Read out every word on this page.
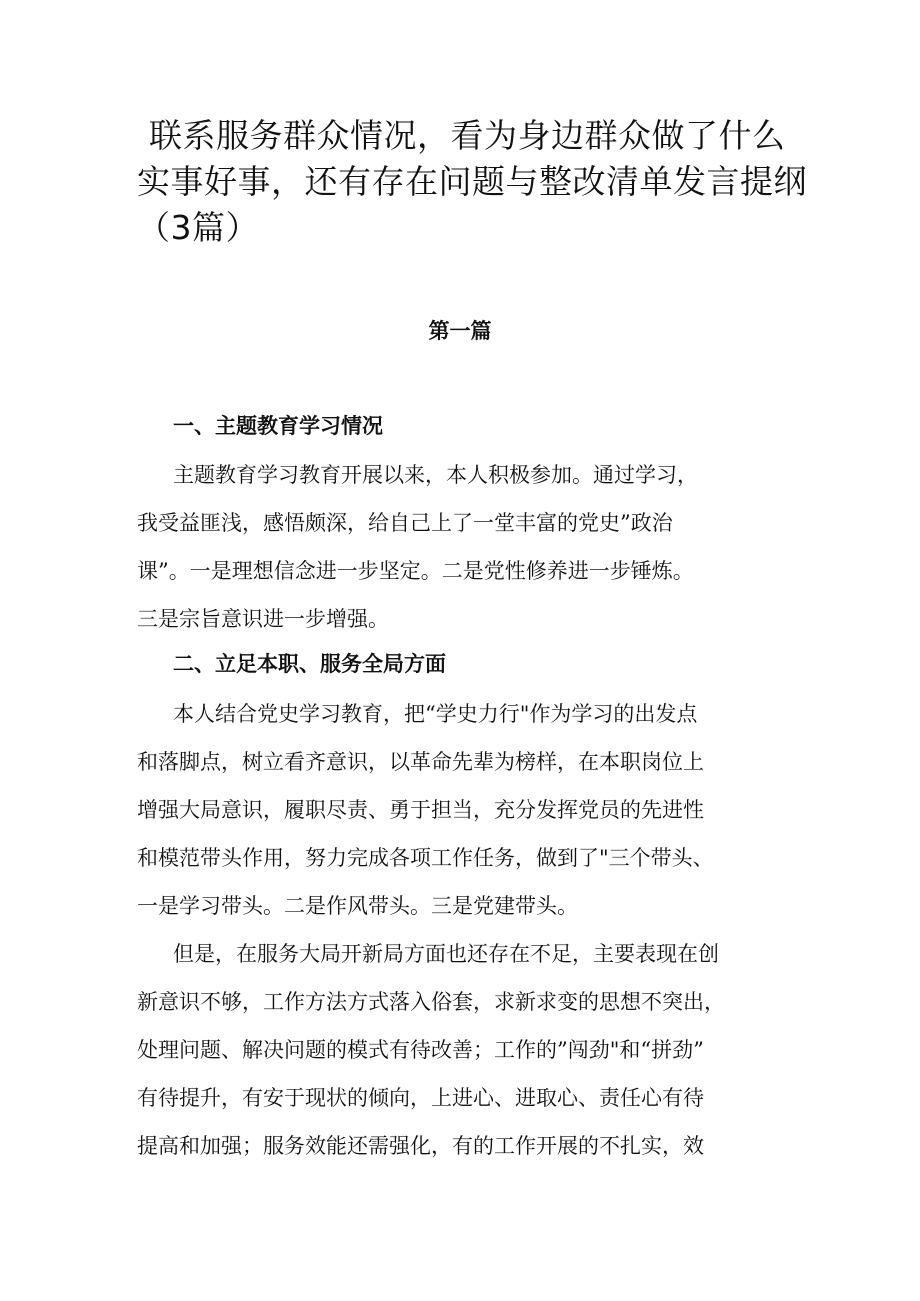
联系服务群众情况，看为身边群众做了什么
实事好事，还有存在问题与整改清单发言提纲
（3篇）
第一篇
一、主题教育学习情况
主题教育学习教育开展以来，本人积极参加。通过学习，
我受益匪浅，感悟颇深，给自己上了一堂丰富的党史”政治
课”。一是理想信念进一步坚定。二是党性修养进一步锤炼。
三是宗旨意识进一步增强。
二、立足本职、服务全局方面
本人结合党史学习教育，把“学史力行"作为学习的出发点
和落脚点，树立看齐意识，以革命先辈为榜样，在本职岗位上
增强大局意识，履职尽责、勇于担当，充分发挥党员的先进性
和模范带头作用，努力完成各项工作任务，做到了"三个带头、
一是学习带头。二是作风带头。三是党建带头。
但是，在服务大局开新局方面也还存在不足，主要表现在创
新意识不够，工作方法方式落入俗套，求新求变的思想不突出，
处理问题、解决问题的模式有待改善；工作的”闯劲"和“拼劲”
有待提升，有安于现状的倾向，上进心、进取心、责任心有待
提高和加强；服务效能还需强化，有的工作开展的不扎实，效
